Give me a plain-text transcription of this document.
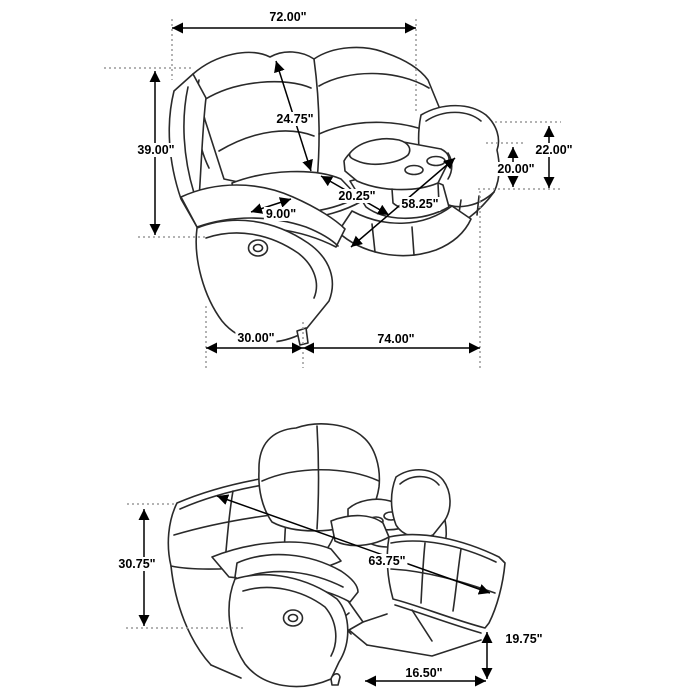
72.00"
39.00"
24.75"
22.00"
20.00"
20.25"
58.25"
9.00"
30.00"	74.00"
30.75"	63.75"
19.75"
16.50"
